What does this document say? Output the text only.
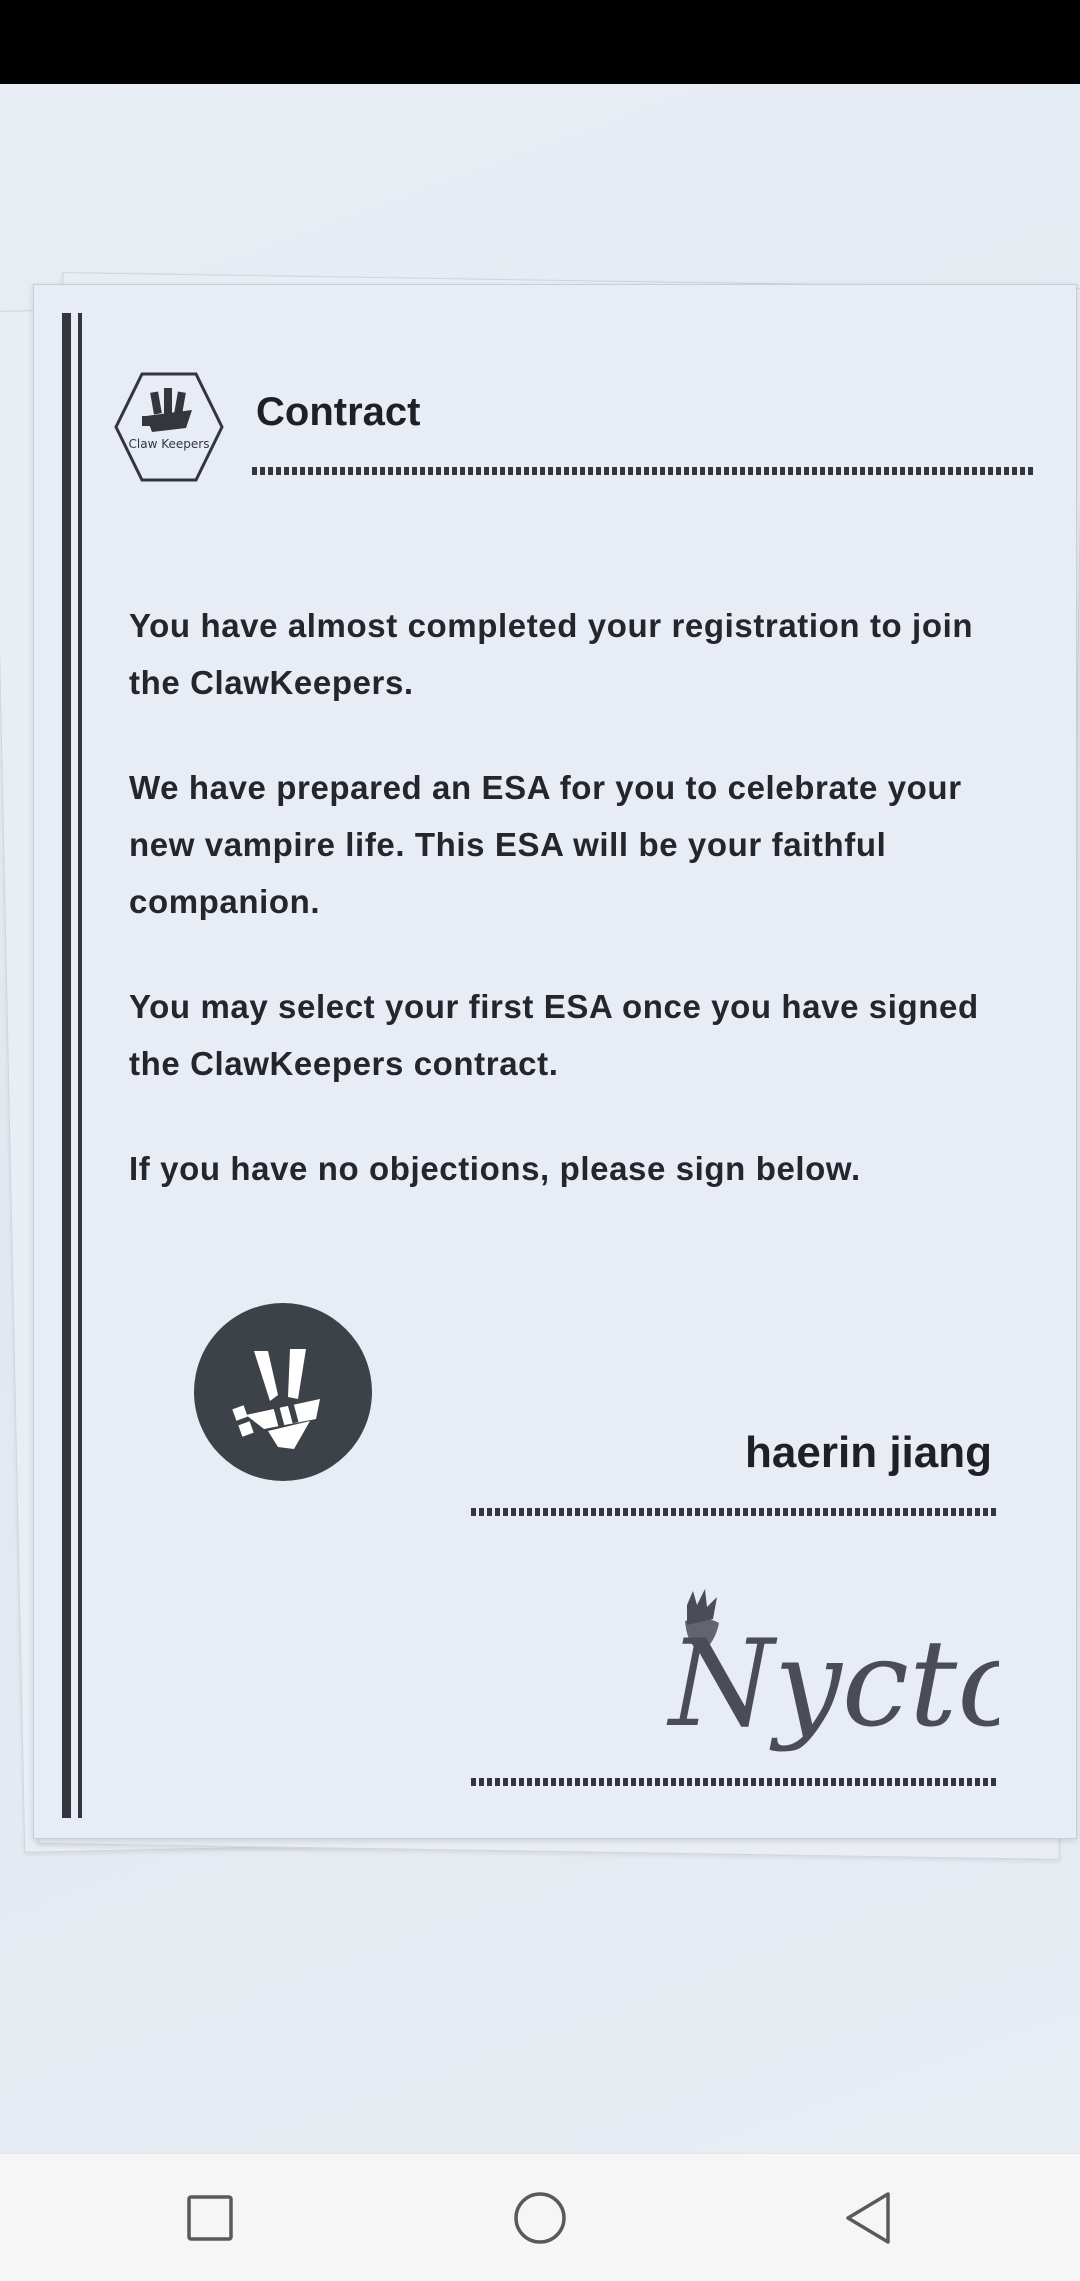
Claw Keepers
Contract

You have almost completed your registration to join the ClawKeepers.

We have prepared an ESA for you to celebrate your new vampire life. This ESA will be your faithful companion.

You may select your first ESA once you have signed the ClawKeepers contract.

If you have no objections, please sign below.

haerin jiang
Nycto
